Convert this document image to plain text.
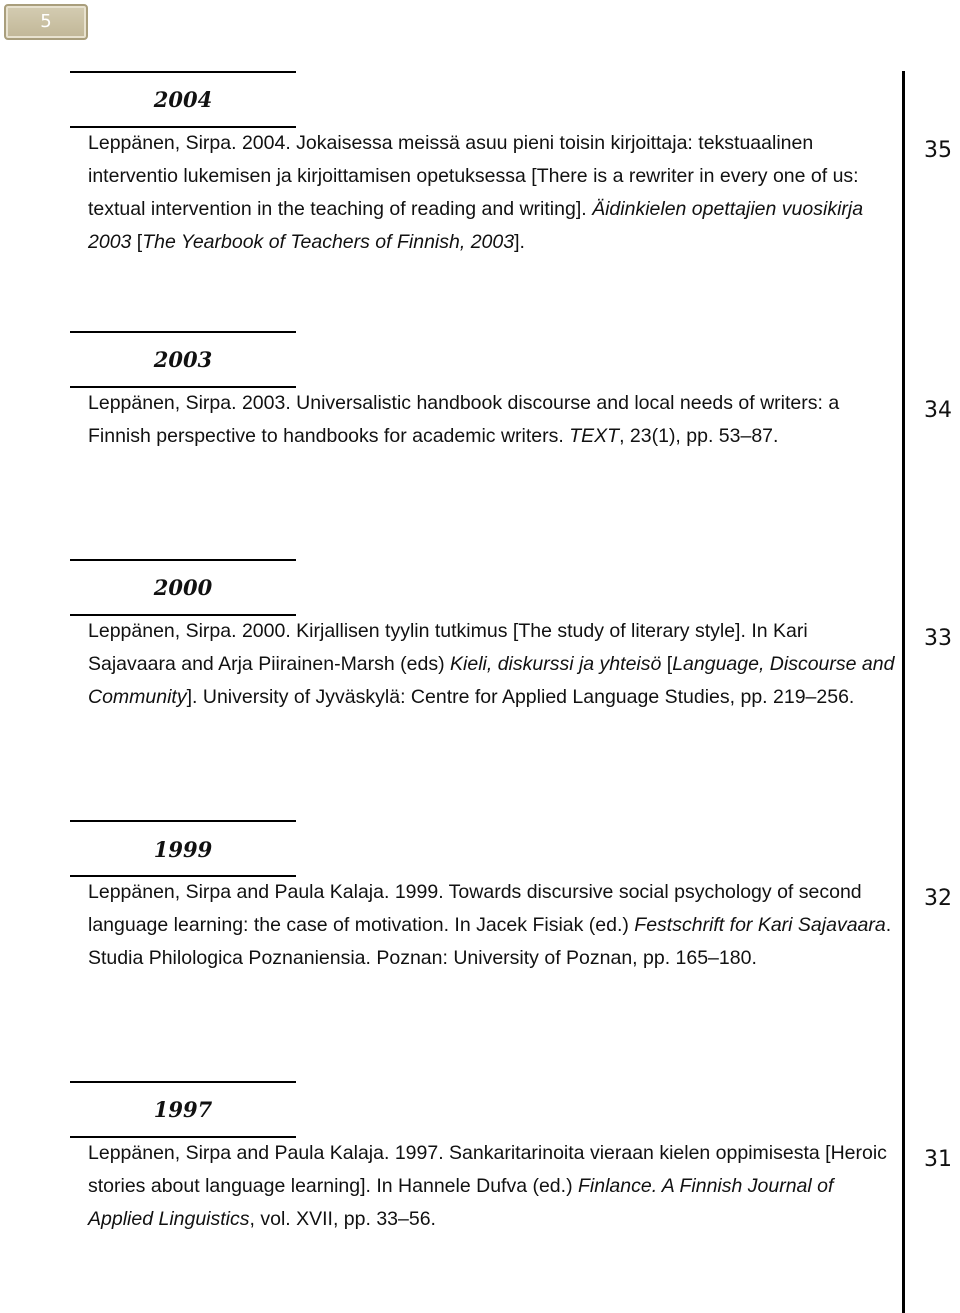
5
2004

Leppänen, Sirpa. 2004. Jokaisessa meissä asuu pieni toisin kirjoittaja: tekstuaalinen interventio lukemisen ja kirjoittamisen opetuksessa [There is a rewriter in every one of us: textual intervention in the teaching of reading and writing]. Äidinkielen opettajien vuosikirja 2003 [The Yearbook of Teachers of Finnish, 2003].

35
2003

Leppänen, Sirpa. 2003. Universalistic handbook discourse and local needs of writers: a Finnish perspective to handbooks for academic writers. TEXT, 23(1), pp. 53–87.

34
2000

Leppänen, Sirpa. 2000. Kirjallisen tyylin tutkimus [The study of literary style]. In Kari Sajavaara and Arja Piirainen-Marsh (eds) Kieli, diskurssi ja yhteisö [Language, Discourse and Community]. University of Jyväskylä: Centre for Applied Language Studies, pp. 219–256.

33
1999

Leppänen, Sirpa and Paula Kalaja. 1999. Towards discursive social psychology of second language learning: the case of motivation. In Jacek Fisiak (ed.) Festschrift for Kari Sajavaara. Studia Philologica Poznaniensia. Poznan: University of Poznan, pp. 165–180.

32
1997

Leppänen, Sirpa and Paula Kalaja. 1997. Sankaritarinoita vieraan kielen oppimisesta [Heroic stories about language learning]. In Hannele Dufva (ed.) Finlance. A Finnish Journal of Applied Linguistics, vol. XVII, pp. 33–56.

31
